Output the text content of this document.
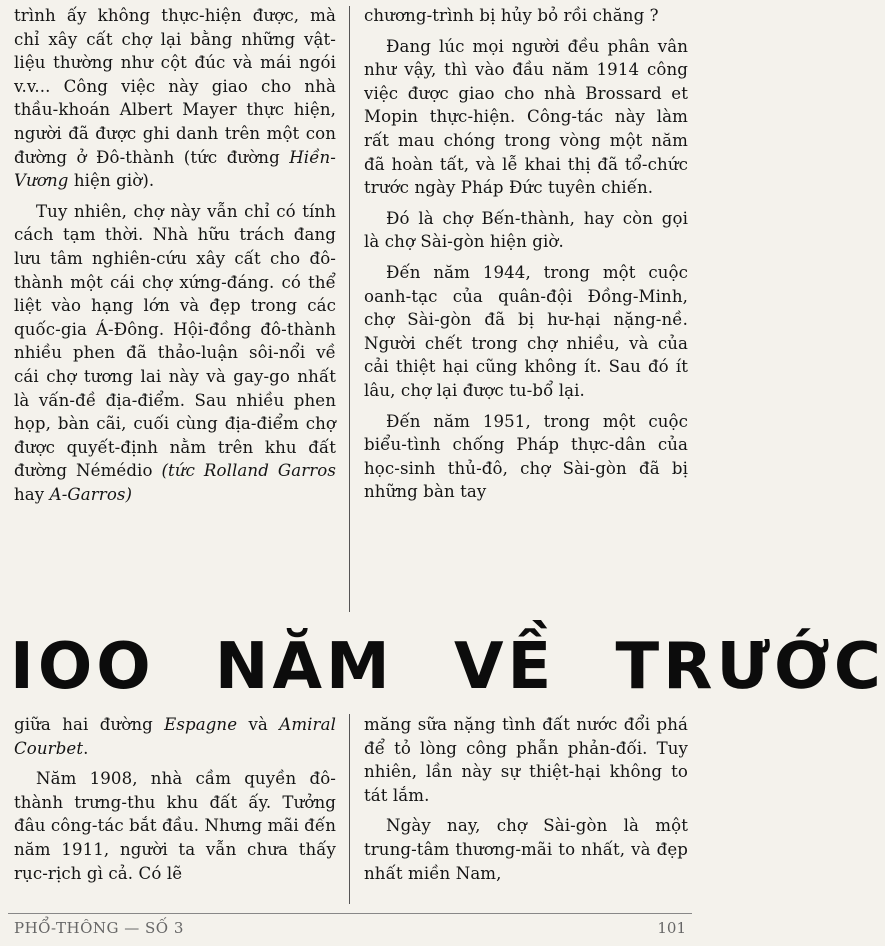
trình ấy không thực-hiện được, mà chỉ xây cất chợ lại bằng những vật-liệu thường như cột đúc và mái ngói v.v... Công việc này giao cho nhà thầu-khoán Albert Mayer thực hiện, người đã được ghi danh trên một con đường ở Đô-thành (tức đường Hiền-Vương hiện giờ).

Tuy nhiên, chợ này vẫn chỉ có tính cách tạm thời. Nhà hữu trách đang lưu tâm nghiên-cứu xây cất cho đô-thành một cái chợ xứng-đáng. có thể liệt vào hạng lớn và đẹp trong các quốc-gia Á-Đông. Hội-đồng đô-thành nhiều phen đã thảo-luận sôi-nổi về cái chợ tương lai này và gay-go nhất là vấn-đề địa-điểm. Sau nhiều phen họp, bàn cãi, cuối cùng địa-điểm chợ được quyết-định nằm trên khu đất đường Némédio (tức Rolland Garros hay A-Garros)

chương-trình bị hủy bỏ rồi chăng ?

Đang lúc mọi người đều phân vân như vậy, thì vào đầu năm 1914 công việc được giao cho nhà Brossard et Mopin thực-hiện. Công-tác này làm rất mau chóng trong vòng một năm đã hoàn tất, và lễ khai thị đã tổ-chức trước ngày Pháp Đức tuyên chiến.

Đó là chợ Bến-thành, hay còn gọi là chợ Sài-gòn hiện giờ.

Đến năm 1944, trong một cuộc oanh-tạc của quân-đội Đồng-Minh, chợ Sài-gòn đã bị hư-hại nặng-nề. Người chết trong chợ nhiều, và của cải thiệt hại cũng không ít. Sau đó ít lâu, chợ lại được tu-bổ lại.

Đến năm 1951, trong một cuộc biểu-tình chống Pháp thực-dân của học-sinh thủ-đô, chợ Sài-gòn đã bị những bàn tay

IOO NĂM VỀ TRƯỚC

giữa hai đường Espagne và Amiral Courbet.

Năm 1908, nhà cầm quyền đô-thành trưng-thu khu đất ấy. Tưởng đâu công-tác bắt đầu. Nhưng mãi đến năm 1911, người ta vẫn chưa thấy rục-rịch gì cả. Có lẽ

măng sữa nặng tình đất nước đổi phá để tỏ lòng công phẫn phản-đối. Tuy nhiên, lần này sự thiệt-hại không to tát lắm.

Ngày nay, chợ Sài-gòn là một trung-tâm thương-mãi to nhất, và đẹp nhất miền Nam,

PHỔ-THÔNG — SỐ 3	101
